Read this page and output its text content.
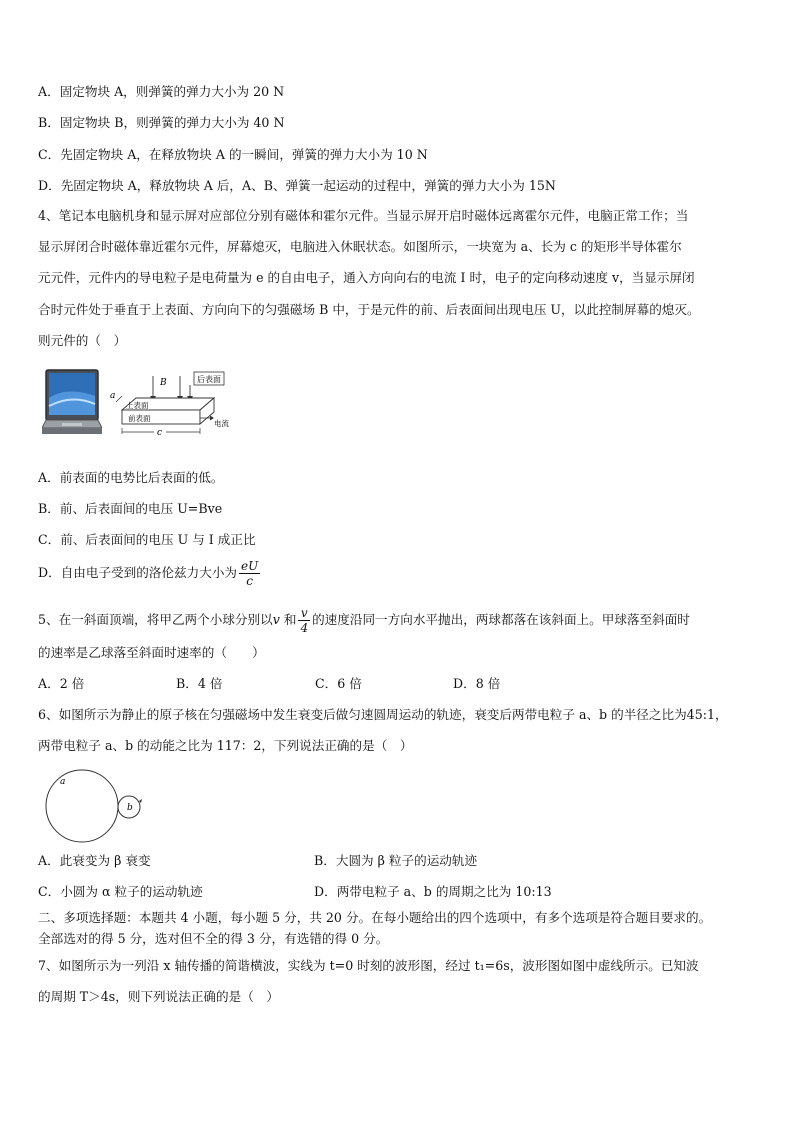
A．固定物块 A，则弹簧的弹力大小为 20 N
B．固定物块 B，则弹簧的弹力大小为 40 N
C．先固定物块 A，在释放物块 A 的一瞬间，弹簧的弹力大小为 10 N
D．先固定物块 A，释放物块 A 后，A、B、弹簧一起运动的过程中，弹簧的弹力大小为 15N
4、笔记本电脑机身和显示屏对应部位分别有磁体和霍尔元件。当显示屏开启时磁体远离霍尔元件，电脑正常工作；当
显示屏闭合时磁体靠近霍尔元件，屏幕熄灭，电脑进入休眠状态。如图所示，一块宽为 a、长为 c 的矩形半导体霍尔
元元件，元件内的导电粒子是电荷量为 e 的自由电子，通入方向向右的电流 I 时，电子的定向移动速度 v，当显示屏闭
合时元件处于垂直于上表面、方向向下的匀强磁场 B 中，于是元件的前、后表面间出现电压 U，以此控制屏幕的熄灭。
则元件的（　）
后表面
B
上表面
前表面
a
c
电流
A．前表面的电势比后表面的低。
B．前、后表面间的电压 U=Bve
C．前、后表面间的电压 U 与 I 成正比
D．自由电子受到的洛伦兹力大小为 $\frac{eU}{c}$
5、在一斜面顶端，将甲乙两个小球分别以v 和 $\frac{v}{4}$ 的速度沿同一方向水平抛出，两球都落在该斜面上。甲球落至斜面时
的速率是乙球落至斜面时速率的（　　）
A．2 倍	B．4 倍	C．6 倍	D．8 倍
6、如图所示为静止的原子核在匀强磁场中发生衰变后做匀速圆周运动的轨迹，衰变后两带电粒子 a、b 的半径之比为45:1，
两带电粒子 a、b 的动能之比为 117：2，下列说法正确的是（　）
a
b
A．此衰变为 β 衰变	B．大圆为 β 粒子的运动轨迹
C．小圆为 α 粒子的运动轨迹	D．两带电粒子 a、b 的周期之比为 10:13
二、多项选择题：本题共 4 小题，每小题 5 分，共 20 分。在每小题给出的四个选项中，有多个选项是符合题目要求的。
全部选对的得 5 分，选对但不全的得 3 分，有选错的得 0 分。
7、如图所示为一列沿 x 轴传播的简谐横波，实线为 t=0 时刻的波形图，经过 t₁=6s，波形图如图中虚线所示。已知波
的周期 T＞4s，则下列说法正确的是（　）
